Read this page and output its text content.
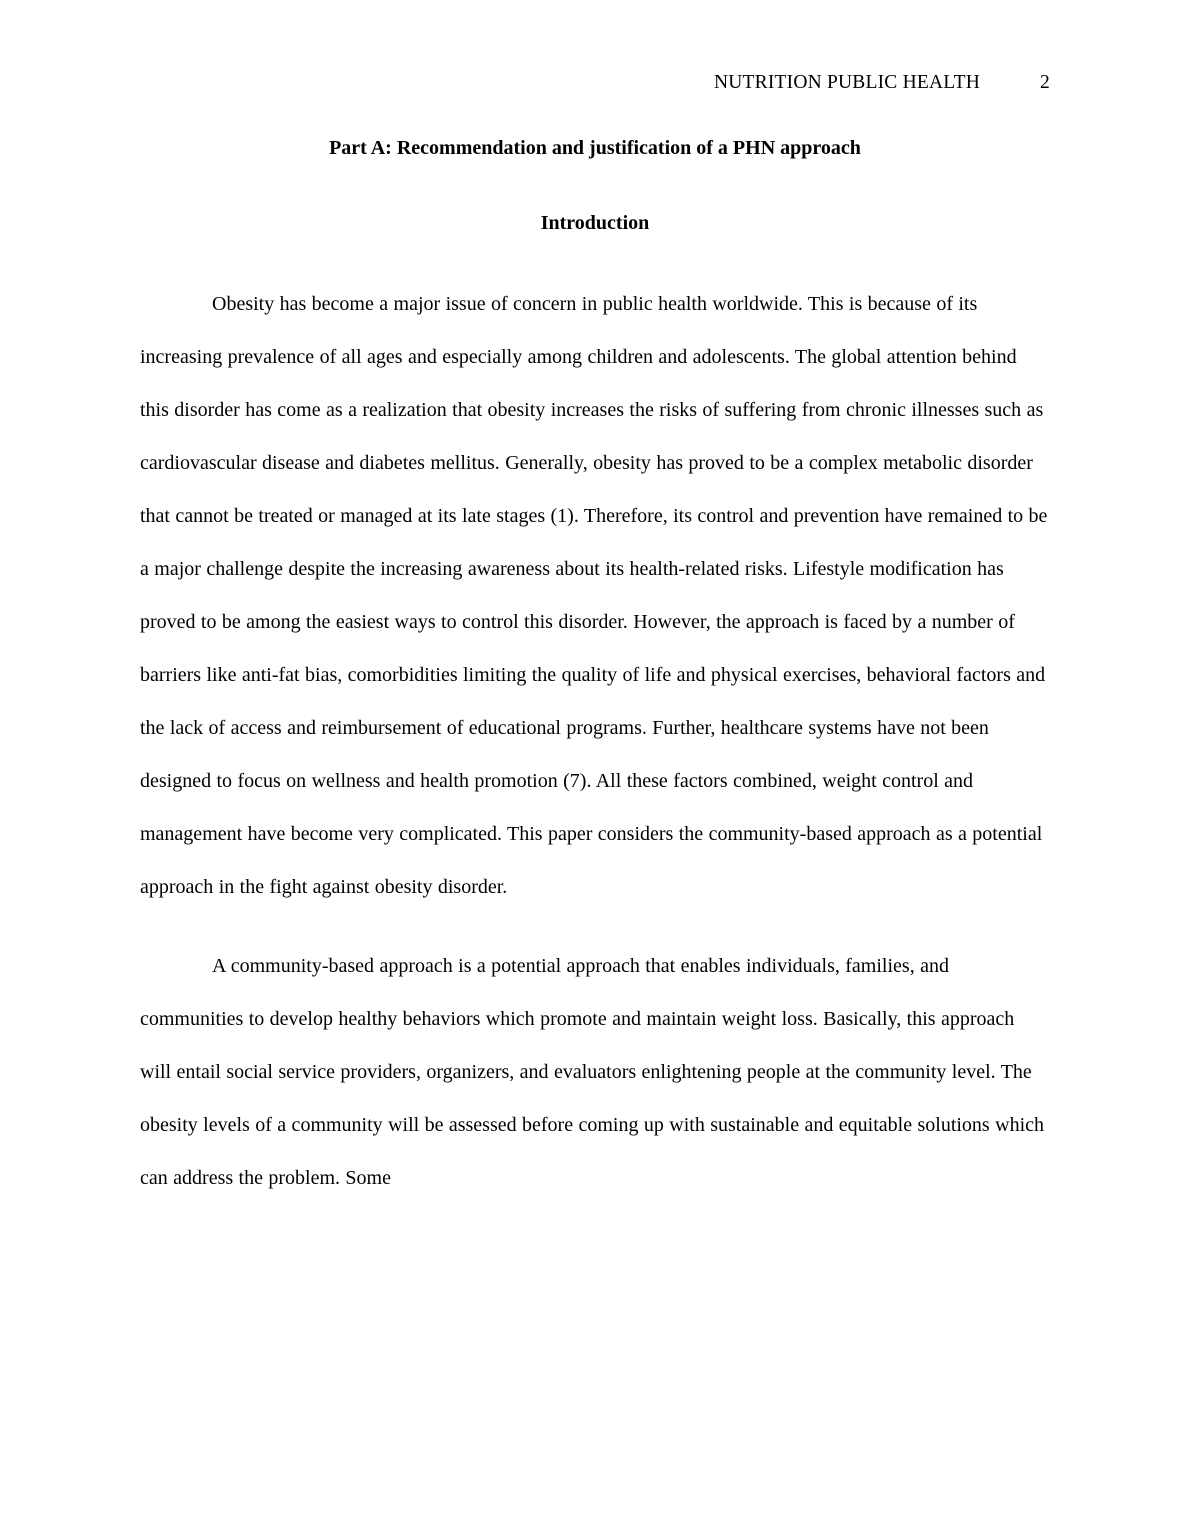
NUTRITION PUBLIC HEALTH	2
Part A: Recommendation and justification of a PHN approach
Introduction

Obesity has become a major issue of concern in public health worldwide. This is because of its increasing prevalence of all ages and especially among children and adolescents. The global attention behind this disorder has come as a realization that obesity increases the risks of suffering from chronic illnesses such as cardiovascular disease and diabetes mellitus. Generally, obesity has proved to be a complex metabolic disorder that cannot be treated or managed at its late stages (1). Therefore, its control and prevention have remained to be a major challenge despite the increasing awareness about its health-related risks. Lifestyle modification has proved to be among the easiest ways to control this disorder. However, the approach is faced by a number of barriers like anti-fat bias, comorbidities limiting the quality of life and physical exercises, behavioral factors and the lack of access and reimbursement of educational programs. Further, healthcare systems have not been designed to focus on wellness and health promotion (7). All these factors combined, weight control and management have become very complicated. This paper considers the community-based approach as a potential approach in the fight against obesity disorder.

A community-based approach is a potential approach that enables individuals, families, and communities to develop healthy behaviors which promote and maintain weight loss. Basically, this approach will entail social service providers, organizers, and evaluators enlightening people at the community level. The obesity levels of a community will be assessed before coming up with sustainable and equitable solutions which can address the problem. Some
